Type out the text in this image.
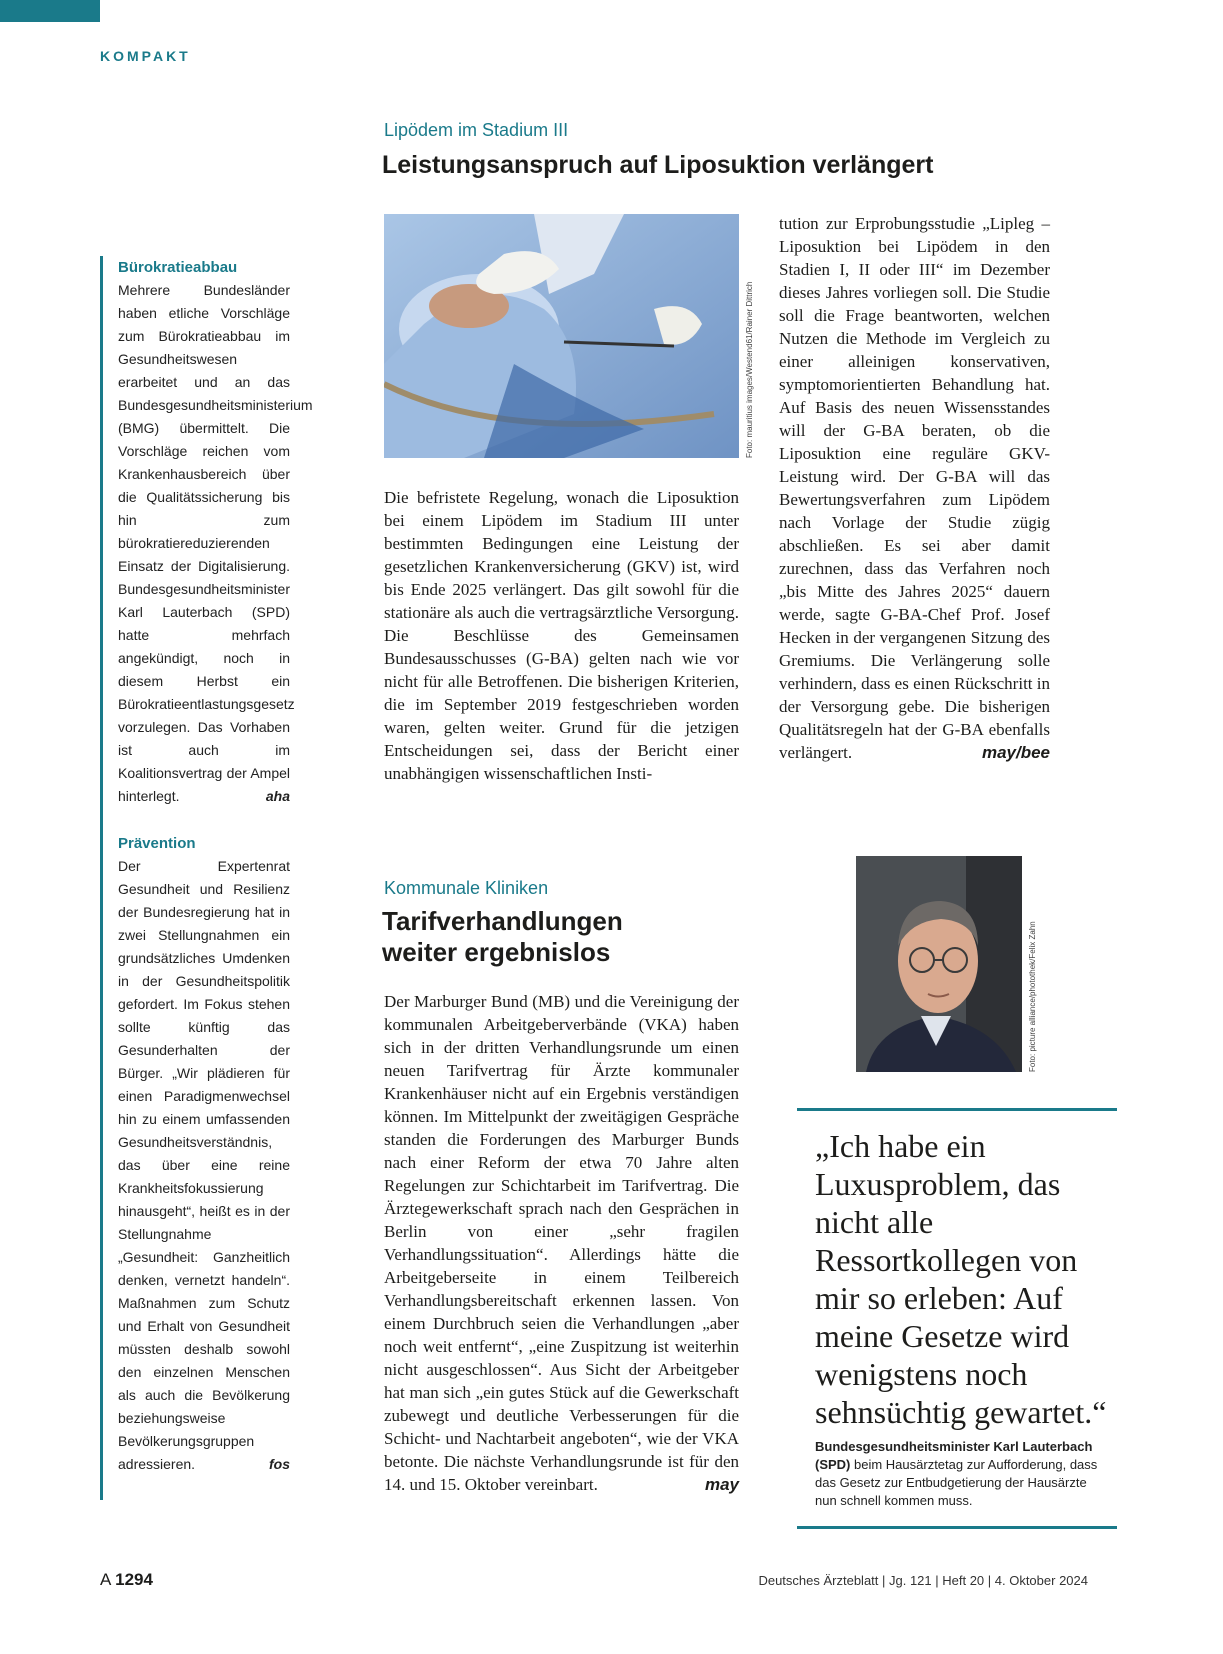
KOMPAKT
Bürokratieabbau
Mehrere Bundesländer haben etliche Vorschläge zum Bürokratieabbau im Gesundheitswesen erarbeitet und an das Bundesgesundheitsministerium (BMG) übermittelt. Die Vorschläge reichen vom Krankenhausbereich über die Qualitätssicherung bis hin zum bürokratiereduzierenden Einsatz der Digitalisierung. Bundesgesundheitsminister Karl Lauterbach (SPD) hatte mehrfach angekündigt, noch in diesem Herbst ein Bürokratieentlastungsgesetz vorzulegen. Das Vorhaben ist auch im Koalitionsvertrag der Ampel hinterlegt.	aha
Prävention
Der Expertenrat Gesundheit und Resilienz der Bundesregierung hat in zwei Stellungnahmen ein grundsätzliches Umdenken in der Gesundheitspolitik gefordert. Im Fokus stehen sollte künftig das Gesunderhalten der Bürger. „Wir plädieren für einen Paradigmenwechsel hin zu einem umfassenden Gesundheitsverständnis, das über eine reine Krankheitsfokussierung hinausgeht“, heißt es in der Stellungnahme „Gesundheit: Ganzheitlich denken, vernetzt handeln“. Maßnahmen zum Schutz und Erhalt von Gesundheit müssten deshalb sowohl den einzelnen Menschen als auch die Bevölkerung beziehungsweise Bevölkerungsgruppen adressieren.	fos
Lipödem im Stadium III
Leistungsanspruch auf Liposuktion verlängert
Foto: mauritius images/Westend61/Rainer Dittrich
Die befristete Regelung, wonach die Liposuktion bei einem Lipödem im Stadium III unter bestimmten Bedingungen eine Leistung der gesetzlichen Krankenversicherung (GKV) ist, wird bis Ende 2025 verlängert. Das gilt sowohl für die stationäre als auch die vertragsärztliche Versorgung. Die Beschlüsse des Gemeinsamen Bundesausschusses (G-BA) gelten nach wie vor nicht für alle Betroffenen. Die bisherigen Kriterien, die im September 2019 festgeschrieben worden waren, gelten weiter. Grund für die jetzigen Entscheidungen sei, dass der Bericht einer unabhängigen wissenschaftlichen Insti-
tution zur Erprobungsstudie „Lipleg – Liposuktion bei Lipödem in den Stadien I, II oder III“ im Dezember dieses Jahres vorliegen soll. Die Studie soll die Frage beantworten, welchen Nutzen die Methode im Vergleich zu einer alleinigen konservativen, symptomorientierten Behandlung hat. Auf Basis des neuen Wissensstandes will der G-BA beraten, ob die Liposuktion eine reguläre GKV-Leistung wird. Der G-BA will das Bewertungsverfahren zum Lipödem nach Vorlage der Studie zügig abschließen. Es sei aber damit zurechnen, dass das Verfahren noch „bis Mitte des Jahres 2025“ dauern werde, sagte G-BA-Chef Prof. Josef Hecken in der vergangenen Sitzung des Gremiums. Die Verlängerung solle verhindern, dass es einen Rückschritt in der Versorgung gebe. Die bisherigen Qualitätsregeln hat der G-BA ebenfalls verlängert.	may/bee
Kommunale Kliniken
Tarifverhandlungen
weiter ergebnislos
Der Marburger Bund (MB) und die Vereinigung der kommunalen Arbeitgeberverbände (VKA) haben sich in der dritten Verhandlungsrunde um einen neuen Tarifvertrag für Ärzte kommunaler Krankenhäuser nicht auf ein Ergebnis verständigen können. Im Mittelpunkt der zweitägigen Gespräche standen die Forderungen des Marburger Bunds nach einer Reform der etwa 70 Jahre alten Regelungen zur Schichtarbeit im Tarifvertrag. Die Ärztegewerkschaft sprach nach den Gesprächen in Berlin von einer „sehr fragilen Verhandlungssituation“. Allerdings hätte die Arbeitgeberseite in einem Teilbereich Verhandlungsbereitschaft erkennen lassen. Von einem Durchbruch seien die Verhandlungen „aber noch weit entfernt“, „eine Zuspitzung ist weiterhin nicht ausgeschlossen“. Aus Sicht der Arbeitgeber hat man sich „ein gutes Stück auf die Gewerkschaft zubewegt und deutliche Verbesserungen für die Schicht- und Nachtarbeit angeboten“, wie der VKA betonte. Die nächste Verhandlungsrunde ist für den 14. und 15. Oktober vereinbart.	may
Foto: picture alliance/photothek/Felix Zahn
„Ich habe ein Luxusproblem, das nicht alle Ressortkollegen von mir so erleben: Auf meine Gesetze wird wenigstens noch sehnsüchtig gewartet.“
Bundesgesundheitsminister Karl Lauterbach (SPD) beim Hausärztetag zur Aufforderung, dass das Gesetz zur Entbudgetierung der Hausärzte nun schnell kommen muss.
A 1294	Deutsches Ärzteblatt | Jg. 121 | Heft 20 | 4. Oktober 2024
